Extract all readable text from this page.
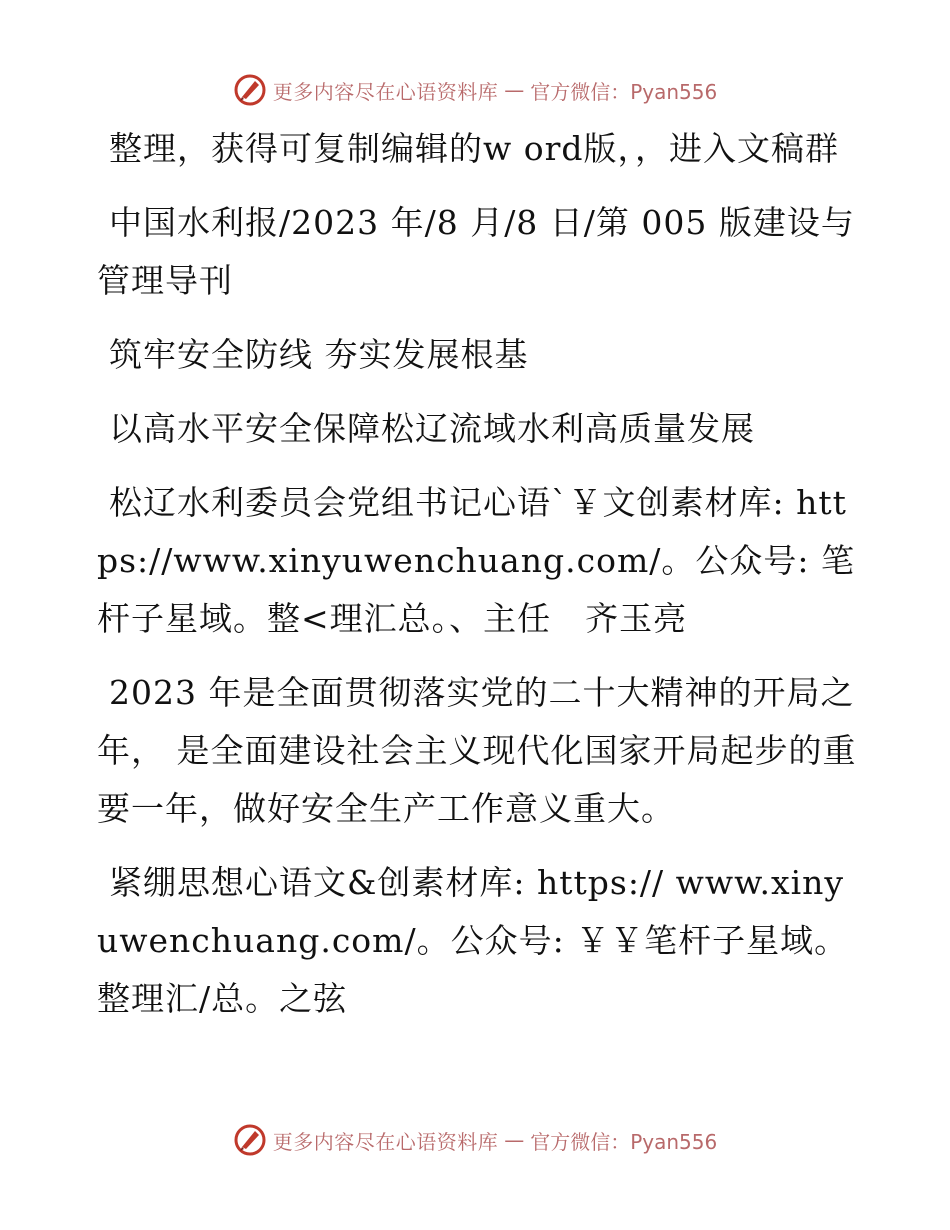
更多内容尽在心语资料库 — 官方微信：Pyan556

整理，获得可复制编辑的w ord版，，进入文稿群

中国水利报/2023 年/8 月/8 日/第 005 版建设与管理导刊

筑牢安全防线 夯实发展根基

以高水平安全保障松辽流域水利高质量发展

松辽水利委员会党组书记心语`￥文创素材库: https://www.xinyuwenchuang.com/。公众号: 笔杆子星域。整<理汇总。、主任　齐玉亮

2023 年是全面贯彻落实党的二十大精神的开局之年， 是全面建设社会主义现代化国家开局起步的重要一年，做好安全生产工作意义重大。

紧绷思想心语文&创素材库: https:// www.xinyuwenchuang.com/。公众号: ￥￥笔杆子星域。整理汇/总。之弦

更多内容尽在心语资料库 — 官方微信：Pyan556
